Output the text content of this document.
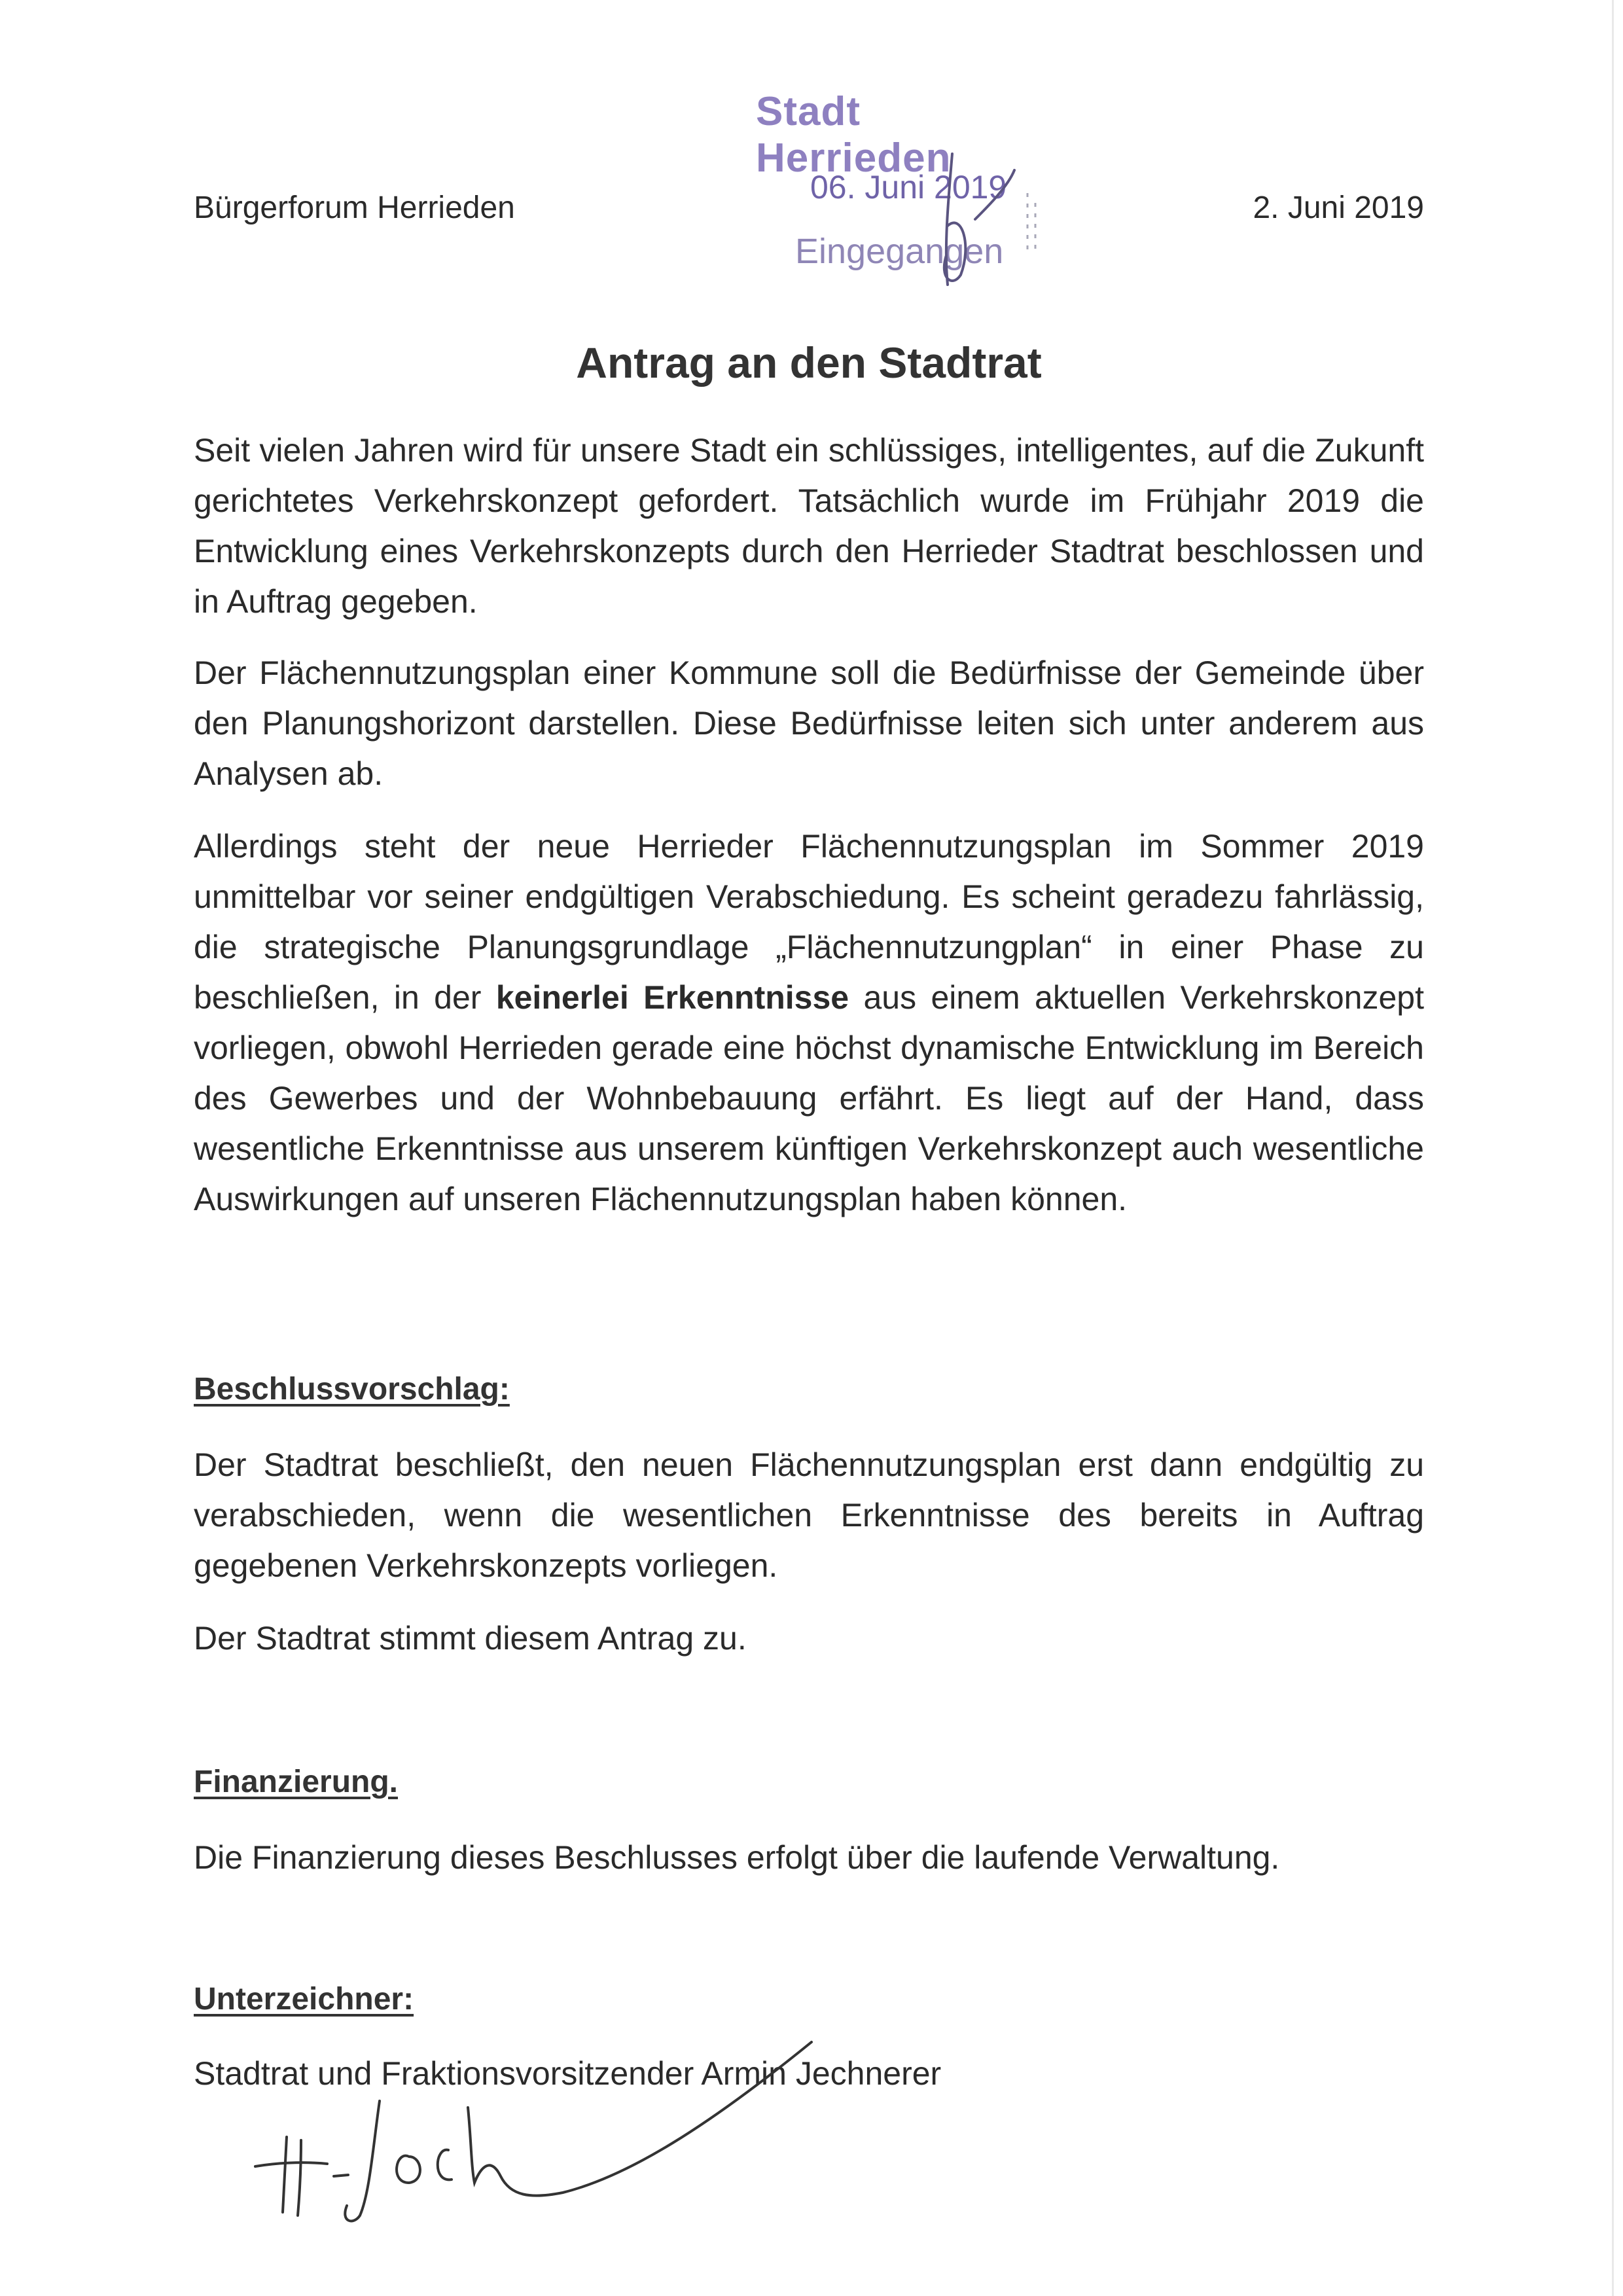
Bürgerforum Herrieden	2. Juni 2019
Stadt Herrieden
06. Juni 2019
Eingegangen
Antrag an den Stadtrat

Seit vielen Jahren wird für unsere Stadt ein schlüssiges, intelligentes, auf die Zukunft gerichtetes Verkehrskonzept gefordert. Tatsächlich wurde im Frühjahr 2019 die Entwicklung eines Verkehrskonzepts durch den Herrieder Stadtrat beschlossen und in Auftrag gegeben.

Der Flächennutzungsplan einer Kommune soll die Bedürfnisse der Gemeinde über den Planungshorizont darstellen. Diese Bedürfnisse leiten sich unter anderem aus Analysen ab.

Allerdings steht der neue Herrieder Flächennutzungsplan im Sommer 2019 unmittelbar vor seiner endgültigen Verabschiedung. Es scheint geradezu fahrlässig, die strategische Planungsgrundlage „Flächennutzungplan“ in einer Phase zu beschließen, in der keinerlei Erkenntnisse aus einem aktuellen Verkehrskonzept vorliegen, obwohl Herrieden gerade eine höchst dynamische Entwicklung im Bereich des Gewerbes und der Wohnbebauung erfährt. Es liegt auf der Hand, dass wesentliche Erkenntnisse aus unserem künftigen Verkehrskonzept auch wesentliche Auswirkungen auf unseren Flächennutzungsplan haben können.

Beschlussvorschlag:

Der Stadtrat beschließt, den neuen Flächennutzungsplan erst dann endgültig zu verabschieden, wenn die wesentlichen Erkenntnisse des bereits in Auftrag gegebenen Verkehrskonzepts vorliegen.

Der Stadtrat stimmt diesem Antrag zu.

Finanzierung.

Die Finanzierung dieses Beschlusses erfolgt über die laufende Verwaltung.

Unterzeichner:

Stadtrat und Fraktionsvorsitzender Armin Jechnerer
